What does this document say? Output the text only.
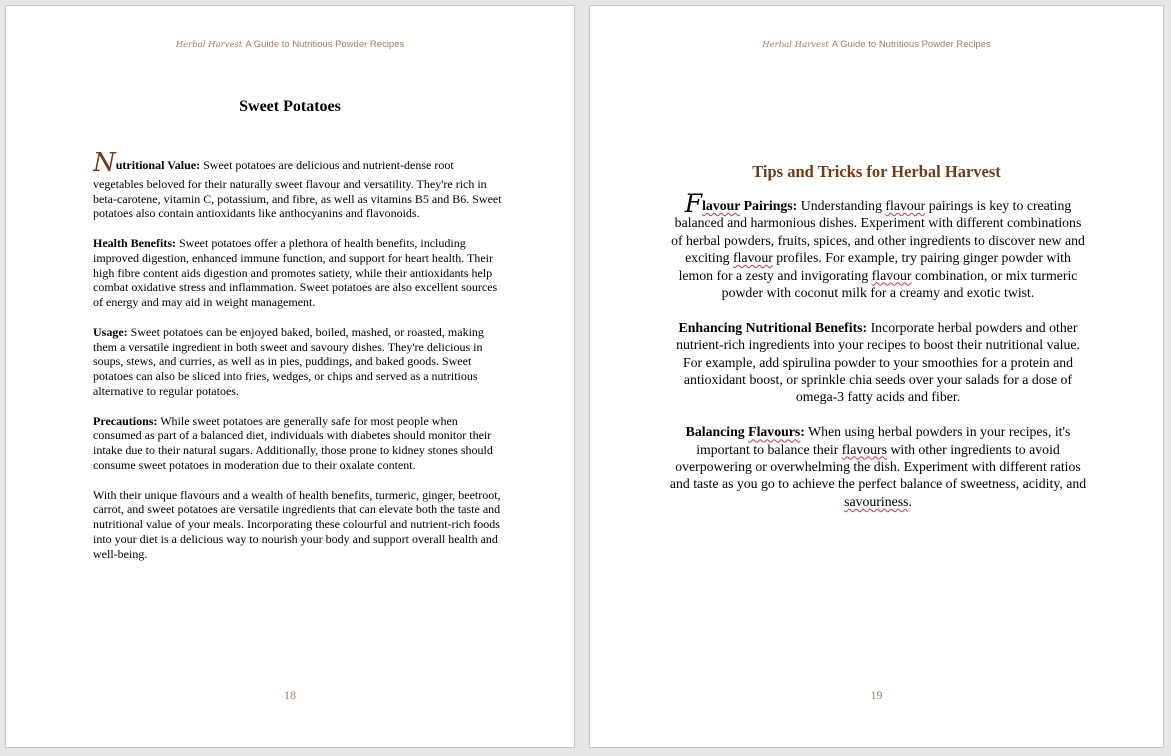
Herbal Harvest A Guide to Nutritious Powder Recipes
Sweet Potatoes

Nutritional Value: Sweet potatoes are delicious and nutrient-dense root vegetables beloved for their naturally sweet flavour and versatility. They're rich in beta-carotene, vitamin C, potassium, and fibre, as well as vitamins B5 and B6. Sweet potatoes also contain antioxidants like anthocyanins and flavonoids.

Health Benefits: Sweet potatoes offer a plethora of health benefits, including improved digestion, enhanced immune function, and support for heart health. Their high fibre content aids digestion and promotes satiety, while their antioxidants help combat oxidative stress and inflammation. Sweet potatoes are also excellent sources of energy and may aid in weight management.

Usage: Sweet potatoes can be enjoyed baked, boiled, mashed, or roasted, making them a versatile ingredient in both sweet and savoury dishes. They're delicious in soups, stews, and curries, as well as in pies, puddings, and baked goods. Sweet potatoes can also be sliced into fries, wedges, or chips and served as a nutritious alternative to regular potatoes.

Precautions: While sweet potatoes are generally safe for most people when consumed as part of a balanced diet, individuals with diabetes should monitor their intake due to their natural sugars. Additionally, those prone to kidney stones should consume sweet potatoes in moderation due to their oxalate content.

With their unique flavours and a wealth of health benefits, turmeric, ginger, beetroot, carrot, and sweet potatoes are versatile ingredients that can elevate both the taste and nutritional value of your meals. Incorporating these colourful and nutrient-rich foods into your diet is a delicious way to nourish your body and support overall health and well-being.

18
Herbal Harvest A Guide to Nutritious Powder Recipes
Tips and Tricks for Herbal Harvest

Flavour Pairings: Understanding flavour pairings is key to creating balanced and harmonious dishes. Experiment with different combinations of herbal powders, fruits, spices, and other ingredients to discover new and exciting flavour profiles. For example, try pairing ginger powder with lemon for a zesty and invigorating flavour combination, or mix turmeric powder with coconut milk for a creamy and exotic twist.

Enhancing Nutritional Benefits: Incorporate herbal powders and other nutrient-rich ingredients into your recipes to boost their nutritional value. For example, add spirulina powder to your smoothies for a protein and antioxidant boost, or sprinkle chia seeds over your salads for a dose of omega-3 fatty acids and fiber.

Balancing Flavours: When using herbal powders in your recipes, it's important to balance their flavours with other ingredients to avoid overpowering or overwhelming the dish. Experiment with different ratios and taste as you go to achieve the perfect balance of sweetness, acidity, and savouriness.

19
